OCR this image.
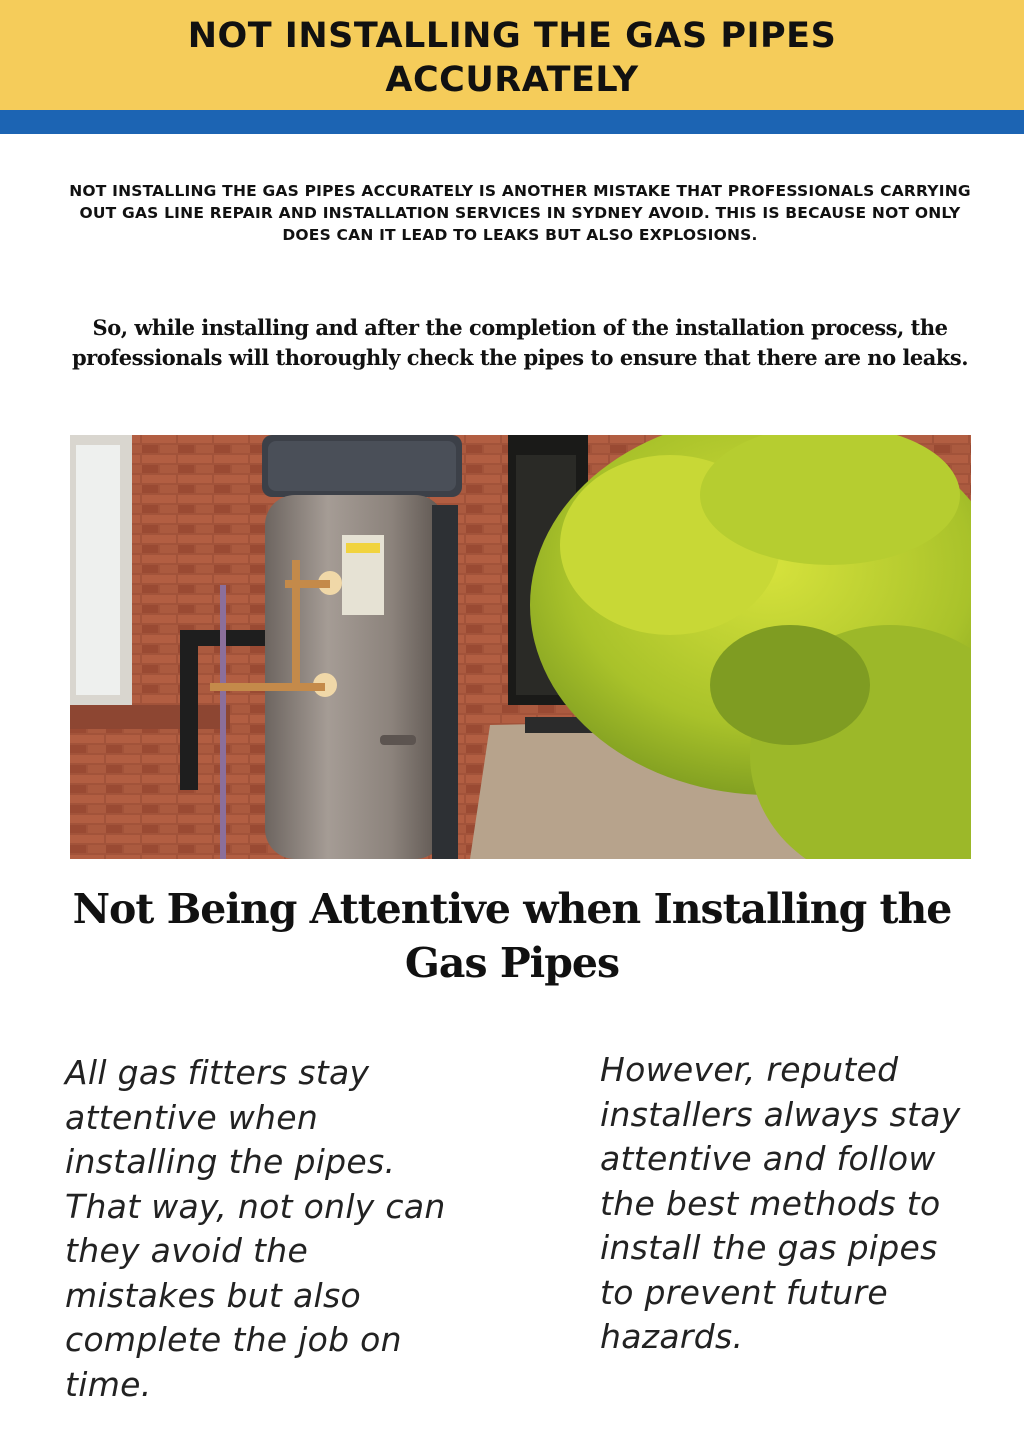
NOT INSTALLING THE GAS PIPES ACCURATELY

NOT INSTALLING THE GAS PIPES ACCURATELY IS ANOTHER MISTAKE THAT PROFESSIONALS CARRYING OUT GAS LINE REPAIR AND INSTALLATION SERVICES IN SYDNEY AVOID. THIS IS BECAUSE NOT ONLY DOES CAN IT LEAD TO LEAKS BUT ALSO EXPLOSIONS.

So, while installing and after the completion of the installation process, the professionals will thoroughly check the pipes to ensure that there are no leaks.

Not Being Attentive when Installing the Gas Pipes

All gas fitters stay attentive when installing the pipes. That way, not only can they avoid the mistakes but also complete the job on time.

However, reputed installers always stay attentive and follow the best methods to install the gas pipes to prevent future hazards.
